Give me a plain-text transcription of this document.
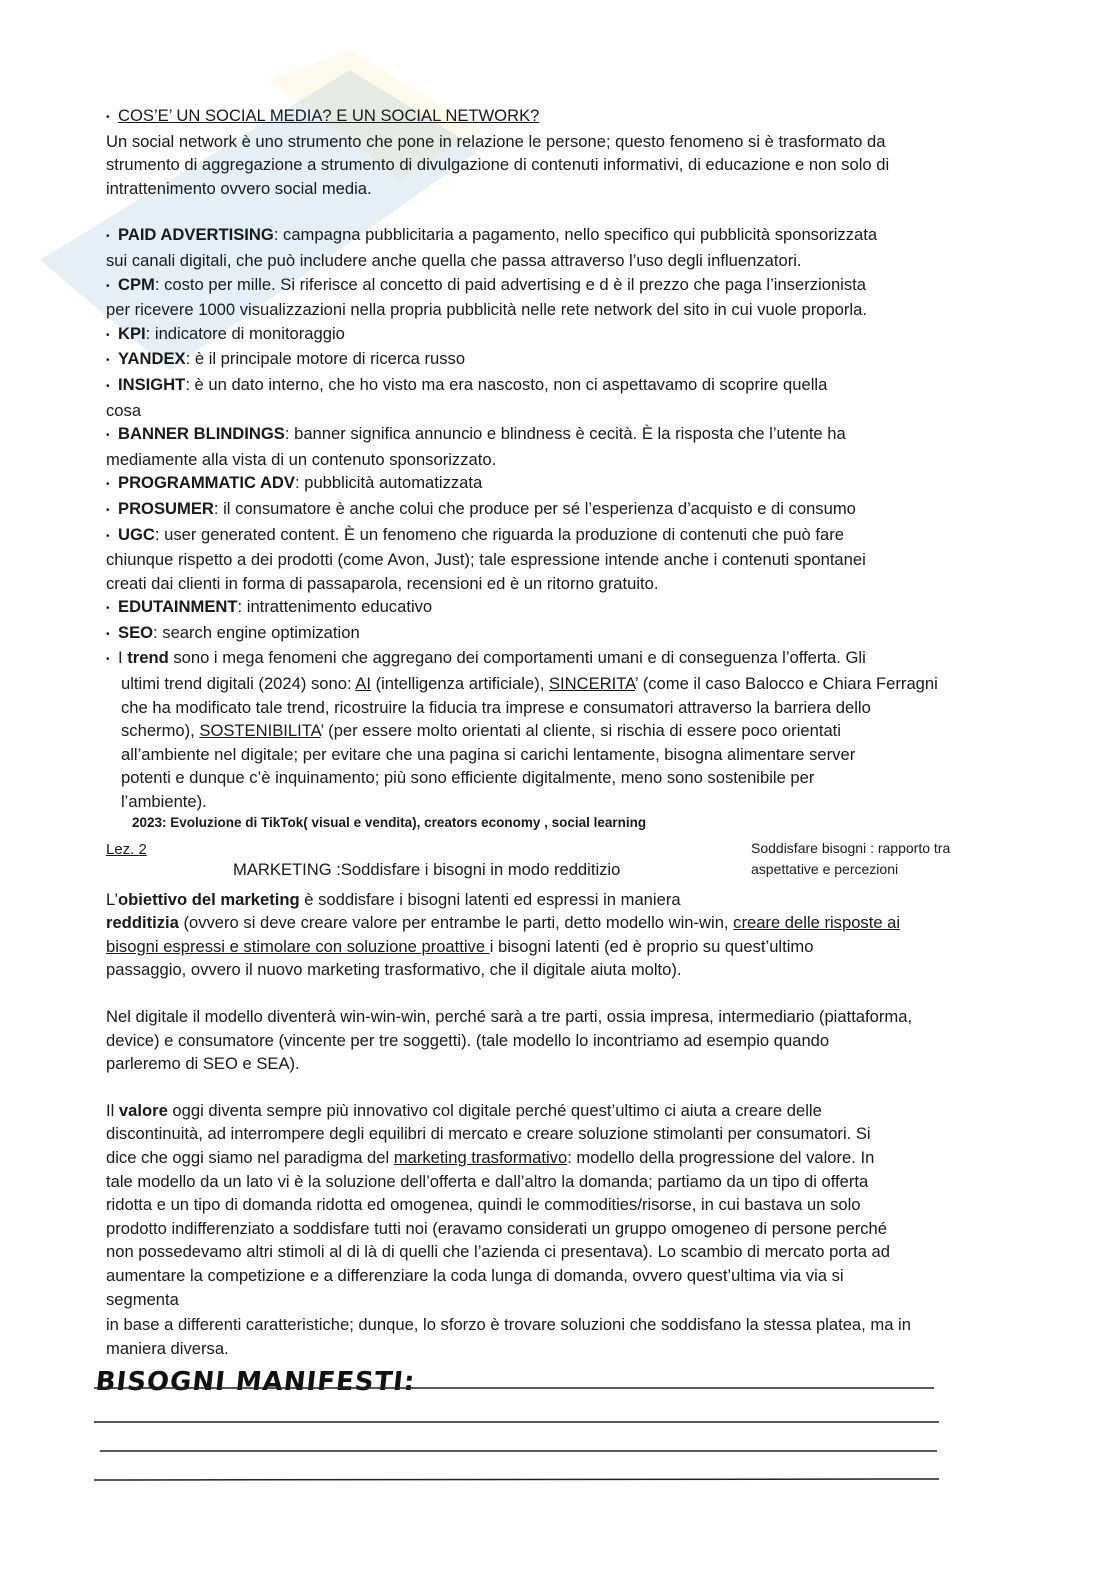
• COS’E’ UN SOCIAL MEDIA? E UN SOCIAL NETWORK?

Un social network è uno strumento che pone in relazione le persone; questo fenomeno si è trasformato da

strumento di aggregazione a strumento di divulgazione di contenuti informativi, di educazione e non solo di

intrattenimento ovvero social media.

• PAID ADVERTISING: campagna pubblicitaria a pagamento, nello specifico qui pubblicità sponsorizzata

sui canali digitali, che può includere anche quella che passa attraverso l’uso degli influenzatori.

• CPM: costo per mille. Si riferisce al concetto di paid advertising e d è il prezzo che paga l’inserzionista

per ricevere 1000 visualizzazioni nella propria pubblicità nelle rete network del sito in cui vuole proporla.

• KPI: indicatore di monitoraggio

• YANDEX: è il principale motore di ricerca russo

• INSIGHT: è un dato interno, che ho visto ma era nascosto, non ci aspettavamo di scoprire quella

cosa

• BANNER BLINDINGS: banner significa annuncio e blindness è cecità. È la risposta che l’utente ha

mediamente alla vista di un contenuto sponsorizzato.

• PROGRAMMATIC ADV: pubblicità automatizzata

• PROSUMER: il consumatore è anche colui che produce per sé l’esperienza d’acquisto e di consumo

• UGC: user generated content. È un fenomeno che riguarda la produzione di contenuti che può fare

chiunque rispetto a dei prodotti (come Avon, Just); tale espressione intende anche i contenuti spontanei

creati dai clienti in forma di passaparola, recensioni ed è un ritorno gratuito.

• EDUTAINMENT: intrattenimento educativo

• SEO: search engine optimization

• I trend sono i mega fenomeni che aggregano dei comportamenti umani e di conseguenza l’offerta. Gli

ultimi trend digitali (2024) sono: AI (intelligenza artificiale), SINCERITA’ (come il caso Balocco e Chiara Ferragni

che ha modificato tale trend, ricostruire la fiducia tra imprese e consumatori attraverso la barriera dello

schermo), SOSTENIBILITA’ (per essere molto orientati al cliente, si rischia di essere poco orientati

all’ambiente nel digitale; per evitare che una pagina si carichi lentamente, bisogna alimentare server

potenti e dunque c’è inquinamento; più sono efficiente digitalmente, meno sono sostenibile per

l’ambiente).

2023: Evoluzione di TikTok( visual e vendita), creators economy , social learning

Lez. 2
MARKETING :Soddisfare i bisogni in modo redditizio
Soddisfare bisogni : rapporto tra
aspettative e percezioni

L’obiettivo del marketing è soddisfare i bisogni latenti ed espressi in maniera

redditizia (ovvero si deve creare valore per entrambe le parti, detto modello win-win, creare delle risposte ai

bisogni espressi e stimolare con soluzione proattive i bisogni latenti (ed è proprio su quest’ultimo

passaggio, ovvero il nuovo marketing trasformativo, che il digitale aiuta molto).

Nel digitale il modello diventerà win-win-win, perché sarà a tre parti, ossia impresa, intermediario (piattaforma,

device) e consumatore (vincente per tre soggetti). (tale modello lo incontriamo ad esempio quando

parleremo di SEO e SEA).

Il valore oggi diventa sempre più innovativo col digitale perché quest’ultimo ci aiuta a creare delle

discontinuità, ad interrompere degli equilibri di mercato e creare soluzione stimolanti per consumatori. Si

dice che oggi siamo nel paradigma del marketing trasformativo: modello della progressione del valore. In

tale modello da un lato vi è la soluzione dell’offerta e dall’altro la domanda; partiamo da un tipo di offerta

ridotta e un tipo di domanda ridotta ed omogenea, quindi le commodities/risorse, in cui bastava un solo

prodotto indifferenziato a soddisfare tutti noi (eravamo considerati un gruppo omogeneo di persone perché

non possedevamo altri stimoli al di là di quelli che l’azienda ci presentava). Lo scambio di mercato porta ad

aumentare la competizione e a differenziare la coda lunga di domanda, ovvero quest’ultima via via si

segmenta

in base a differenti caratteristiche; dunque, lo sforzo è trovare soluzioni che soddisfano la stessa platea, ma in

maniera diversa.

BISOGNI MANIFESTI:
